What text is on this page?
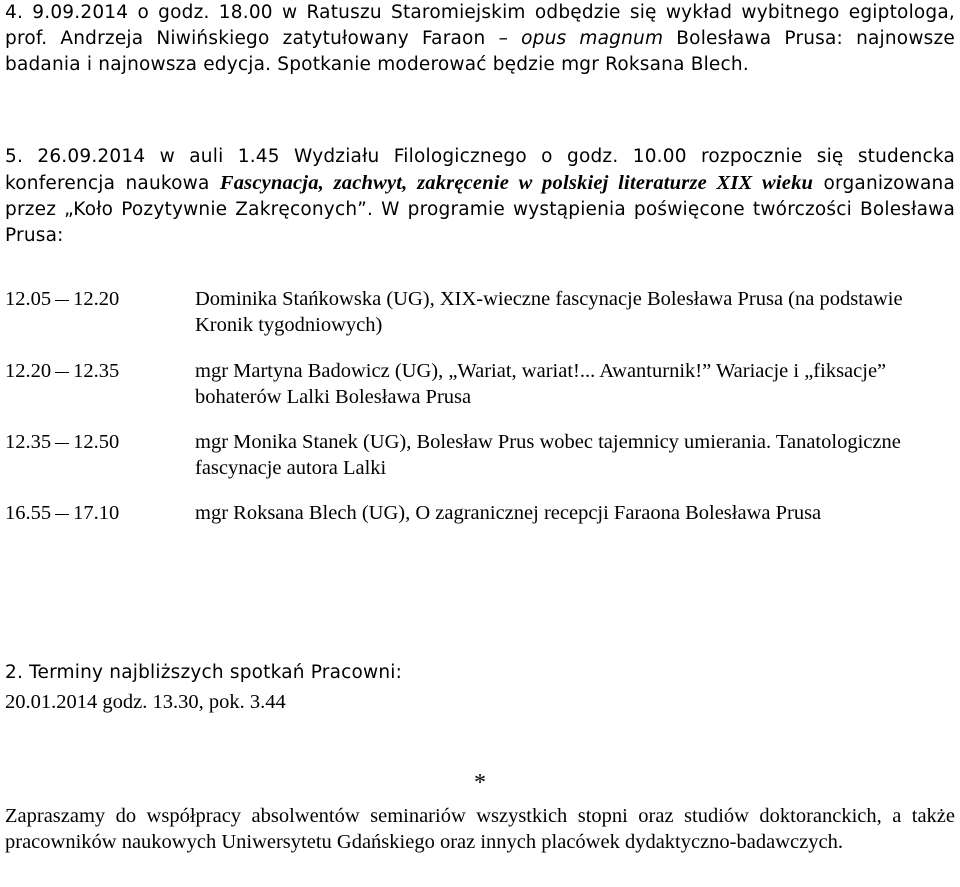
4. 9.09.2014 o godz. 18.00 w Ratuszu Staromiejskim odbędzie się wykład wybitnego egiptologa, prof. Andrzeja Niwińskiego zatytułowany Faraon – opus magnum Bolesława Prusa: najnowsze badania i najnowsza edycja. Spotkanie moderować będzie mgr Roksana Blech.

5. 26.09.2014 w auli 1.45 Wydziału Filologicznego o godz. 10.00 rozpocznie się studencka konferencja naukowa Fascynacja, zachwyt, zakręcenie w polskiej literaturze XIX wieku organizowana przez „Koło Pozytywnie Zakręconych”. W programie wystąpienia poświęcone twórczości Bolesława Prusa:

12.05 12.20	Dominika Stańkowska (UG), XIX-wieczne fascynacje Bolesława Prusa (na podstawie Kronik tygodniowych)
12.20 12.35	mgr Martyna Badowicz (UG), „Wariat, wariat!... Awanturnik!” Wariacje i „fiksacje” bohaterów Lalki Bolesława Prusa
12.35 12.50	mgr Monika Stanek (UG), Bolesław Prus wobec tajemnicy umierania. Tanatologiczne fascynacje autora Lalki
16.55 17.10	mgr Roksana Blech (UG), O zagranicznej recepcji Faraona Bolesława Prusa

2. Terminy najbliższych spotkań Pracowni:

20.01.2014 godz. 13.30, pok. 3.44

*

Zapraszamy do współpracy absolwentów seminariów wszystkich stopni oraz studiów doktoranckich, a także pracowników naukowych Uniwersytetu Gdańskiego oraz innych placówek dydaktyczno-badawczych.
